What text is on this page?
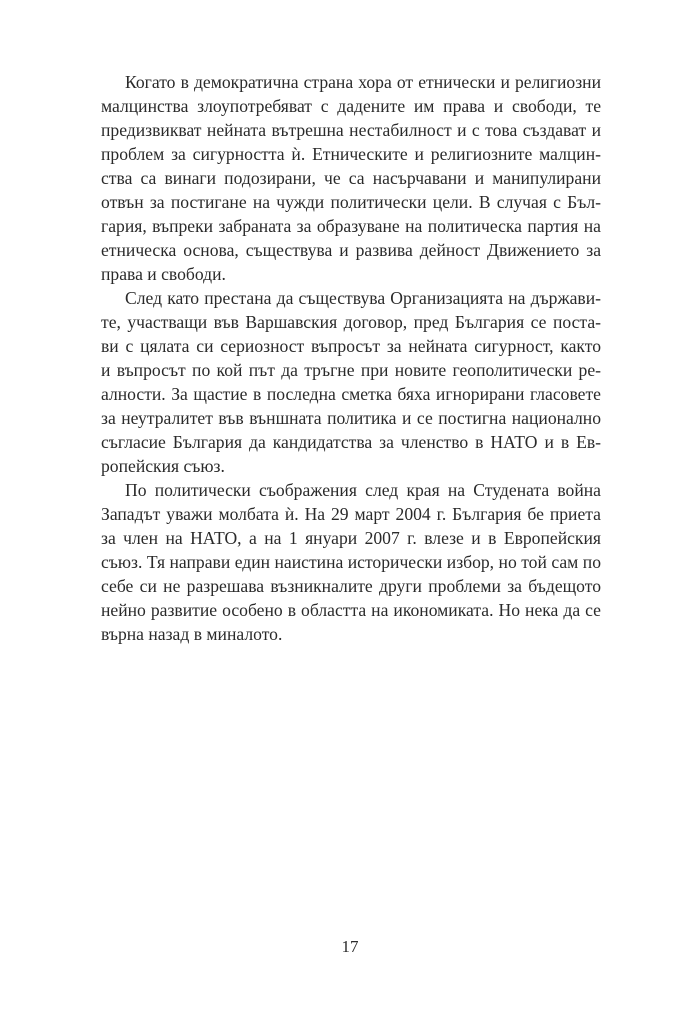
Когато в демократична страна хора от етнически и религиозни
малцинства злоупотребяват с дадените им права и свободи, те
предизвикват нейната вътрешна нестабилност и с това създават и
проблем за сигурността ѝ. Етническите и религиозните малцин-
ства са винаги подозирани, че са насърчавани и манипулирани
отвън за постигане на чужди политически цели. В случая с Бъл-
гария, въпреки забраната за образуване на политическа партия на
етническа основа, съществува и развива дейност Движението за
права и свободи.
След като престана да съществува Организацията на държави-
те, участващи във Варшавския договор, пред България се поста-
ви с цялата си сериозност въпросът за нейната сигурност, както
и въпросът по кой път да тръгне при новите геополитически ре-
алности. За щастие в последна сметка бяха игнорирани гласовете
за неутралитет във външната политика и се постигна национално
съгласие България да кандидатства за членство в НАТО и в Ев-
ропейския съюз.
По политически съображения след края на Студената война
Западът уважи молбата ѝ. На 29 март 2004 г. България бе приета
за член на НАТО, а на 1 януари 2007 г. влезе и в Европейския
съюз. Тя направи един наистина исторически избор, но той сам по
себе си не разрешава възникналите други проблеми за бъдещото
нейно развитие особено в областта на икономиката. Но нека да се
върна назад в миналото.
17
